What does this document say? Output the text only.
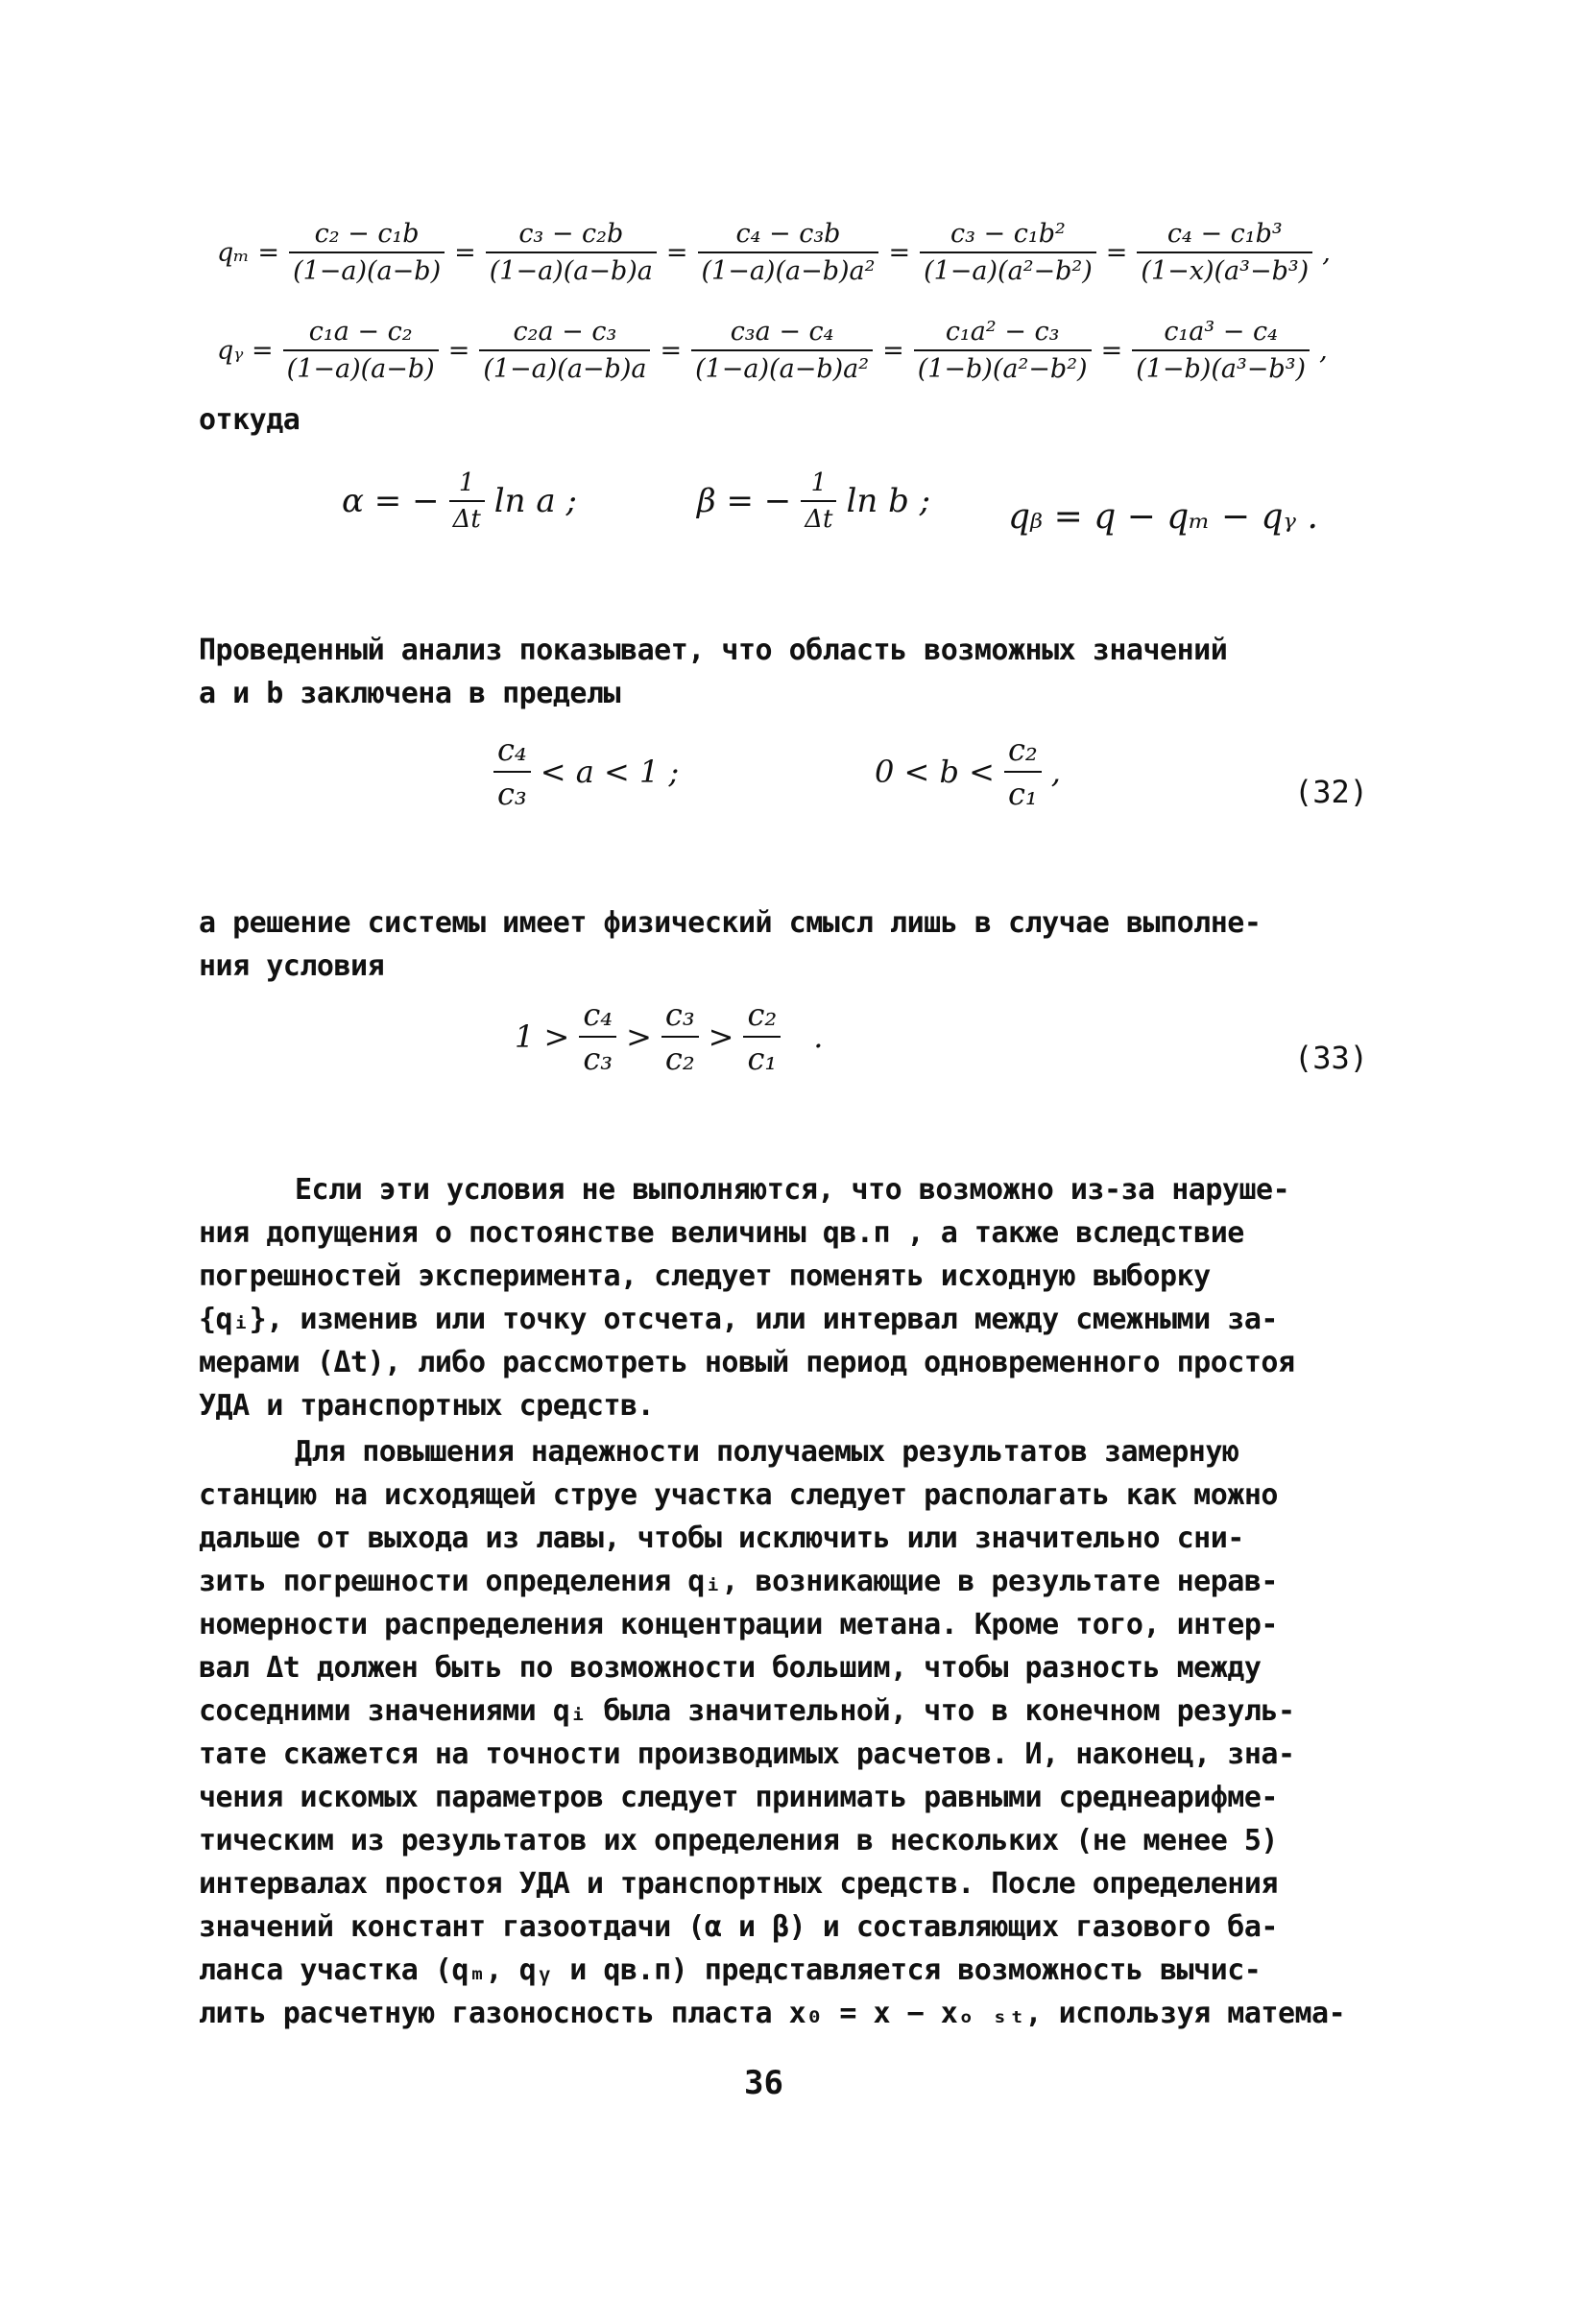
$q_m = \frac{\text{c₂ − c₁b}}{(1-a)(a-b)} = \frac{\text{c₃ − c₂b}}{(1-a)(a-b)a} = \frac{\text{c₄ − c₃b}}{\text{(1−a)(a−b)a²}} = \frac{\text{c₃ − c₁b²}}{\text{(1−a)(a²−b²)}} = \frac{\text{c₄ − c₁b³}}{\text{(1−x)(a³−b³)}}$ ,
qᵧ = $\frac{\text{c₁a − c₂}}{(1-a)(a-b)} = \frac{\text{c₂a − c₃}}{(1-a)(a-b)a} = \frac{\text{c₃a − c₄}}{\text{(1−a)(a−b)a²}} = \frac{\text{c₁a² − c₃}}{\text{(1−b)(a²−b²)}} = \frac{\text{c₁a³ − c₄}}{\text{(1−b)(a³−b³)}}$ ,
откуда
α = − $\frac{1}{\Delta t}$ ln a ;	β = − $\frac{1}{\Delta t}$ ln b ; qᵦ = q − qₘ − qᵧ .
Проведенный анализ показывает, что область возможных значений
a и b заключена в пределы
$\frac{\text{c₄}}{\text{c₃}} < a < 1$ ;	$0 < b < \frac{\text{c₂}}{\text{c₁}}$ ,
(32)
а решение системы имеет физический смысл лишь в случае выполне-
ния условия
$1 > \frac{\text{c₄}}{\text{c₃}} > \frac{\text{c₃}}{\text{c₂}} > \frac{\text{c₂}}{\text{c₁}}$ .
(33)
Если эти условия не выполняются, что возможно из-за наруше-
ния допущения о постоянстве величины qв.п , а также вследствие
погрешностей эксперимента, следует поменять исходную выборку
{qᵢ}, изменив или точку отсчета, или интервал между смежными за-
мерами (Δt), либо рассмотреть новый период одновременного простоя
УДА и транспортных средств.
Для повышения надежности получаемых результатов замерную
станцию на исходящей струе участка следует располагать как можно
дальше от выхода из лавы, чтобы исключить или значительно сни-
зить погрешности определения qᵢ, возникающие в результате нерав-
номерности распределения концентрации метана. Кроме того, интер-
вал Δt должен быть по возможности большим, чтобы разность между
соседними значениями qᵢ была значительной, что в конечном резуль-
тате скажется на точности производимых расчетов. И, наконец, зна-
чения искомых параметров следует принимать равными среднеарифме-
тическим из результатов их определения в нескольких (не менее 5)
интервалах простоя УДА и транспортных средств. После определения
значений констант газоотдачи (α и β) и составляющих газового ба-
ланса участка (qₘ, qᵧ и qв.п) представляется возможность вычис-
лить расчетную газоносность пласта x₀ = x − xₒ ₛₜ, используя матема-
36
